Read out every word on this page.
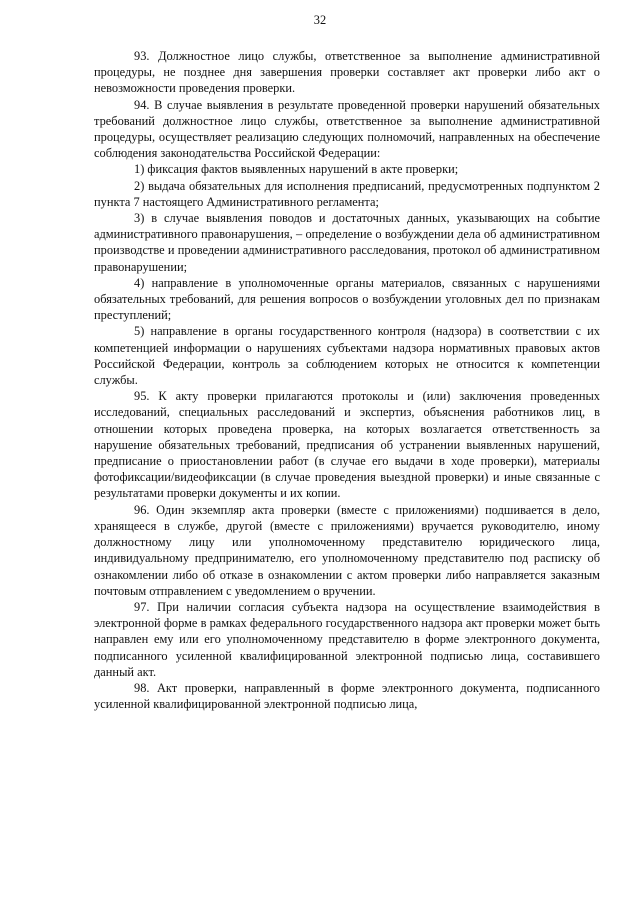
32

93. Должностное лицо службы, ответственное за выполнение административной процедуры, не позднее дня завершения проверки составляет акт проверки либо акт о невозможности проведения проверки.

94. В случае выявления в результате проведенной проверки нарушений обязательных требований должностное лицо службы, ответственное за выполнение административной процедуры, осуществляет реализацию следующих полномочий, направленных на обеспечение соблюдения законодательства Российской Федерации:

1) фиксация фактов выявленных нарушений в акте проверки;

2) выдача обязательных для исполнения предписаний, предусмотренных подпунктом 2 пункта 7 настоящего Административного регламента;

3) в случае выявления поводов и достаточных данных, указывающих на событие административного правонарушения, – определение о возбуждении дела об административном производстве и проведении административного расследования, протокол об административном правонарушении;

4) направление в уполномоченные органы материалов, связанных с нарушениями обязательных требований, для решения вопросов о возбуждении уголовных дел по признакам преступлений;

5) направление в органы государственного контроля (надзора) в соответствии с их компетенцией информации о нарушениях субъектами надзора нормативных правовых актов Российской Федерации, контроль за соблюдением которых не относится к компетенции службы.

95. К акту проверки прилагаются протоколы и (или) заключения проведенных исследований, специальных расследований и экспертиз, объяснения работников лиц, в отношении которых проведена проверка, на которых возлагается ответственность за нарушение обязательных требований, предписания об устранении выявленных нарушений, предписание о приостановлении работ (в случае его выдачи в ходе проверки), материалы фотофиксации/видеофиксации (в случае проведения выездной проверки) и иные связанные с результатами проверки документы и их копии.

96. Один экземпляр акта проверки (вместе с приложениями) подшивается в дело, хранящееся в службе, другой (вместе с приложениями) вручается руководителю, иному должностному лицу или уполномоченному представителю юридического лица, индивидуальному предпринимателю, его уполномоченному представителю под расписку об ознакомлении либо об отказе в ознакомлении с актом проверки либо направляется заказным почтовым отправлением с уведомлением о вручении.

97. При наличии согласия субъекта надзора на осуществление взаимодействия в электронной форме в рамках федерального государственного надзора акт проверки может быть направлен ему или его уполномоченному представителю в форме электронного документа, подписанного усиленной квалифицированной электронной подписью лица, составившего данный акт.

98. Акт проверки, направленный в форме электронного документа, подписанного усиленной квалифицированной электронной подписью лица,
